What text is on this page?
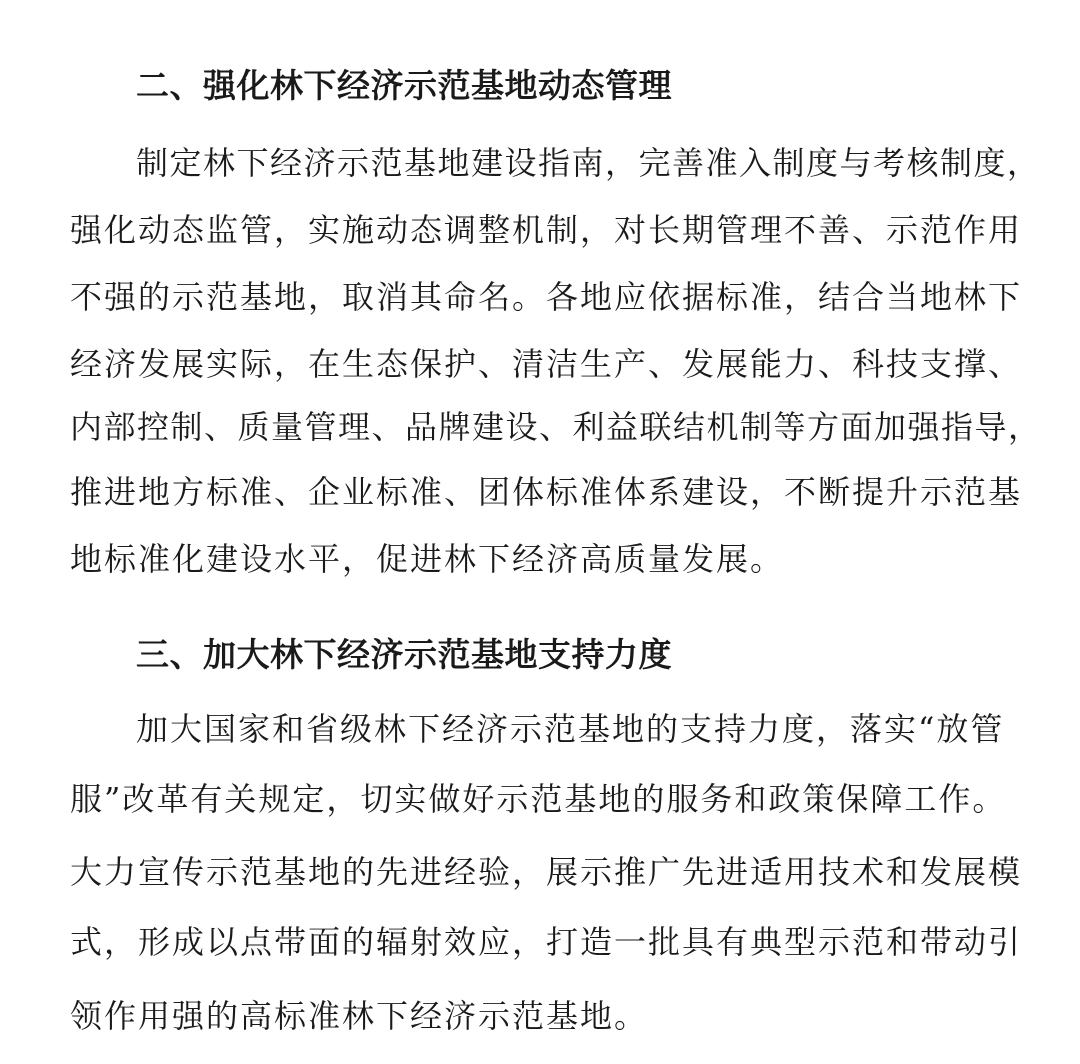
二、强化林下经济示范基地动态管理
制定林下经济示范基地建设指南，完善准入制度与考核制度，
强化动态监管，实施动态调整机制，对长期管理不善、示范作用
不强的示范基地，取消其命名。各地应依据标准，结合当地林下
经济发展实际，在生态保护、清洁生产、发展能力、科技支撑、
内部控制、质量管理、品牌建设、利益联结机制等方面加强指导，
推进地方标准、企业标准、团体标准体系建设，不断提升示范基
地标准化建设水平，促进林下经济高质量发展。
三、加大林下经济示范基地支持力度
加大国家和省级林下经济示范基地的支持力度，落实“放管
服”改革有关规定，切实做好示范基地的服务和政策保障工作。
大力宣传示范基地的先进经验，展示推广先进适用技术和发展模
式，形成以点带面的辐射效应，打造一批具有典型示范和带动引
领作用强的高标准林下经济示范基地。
